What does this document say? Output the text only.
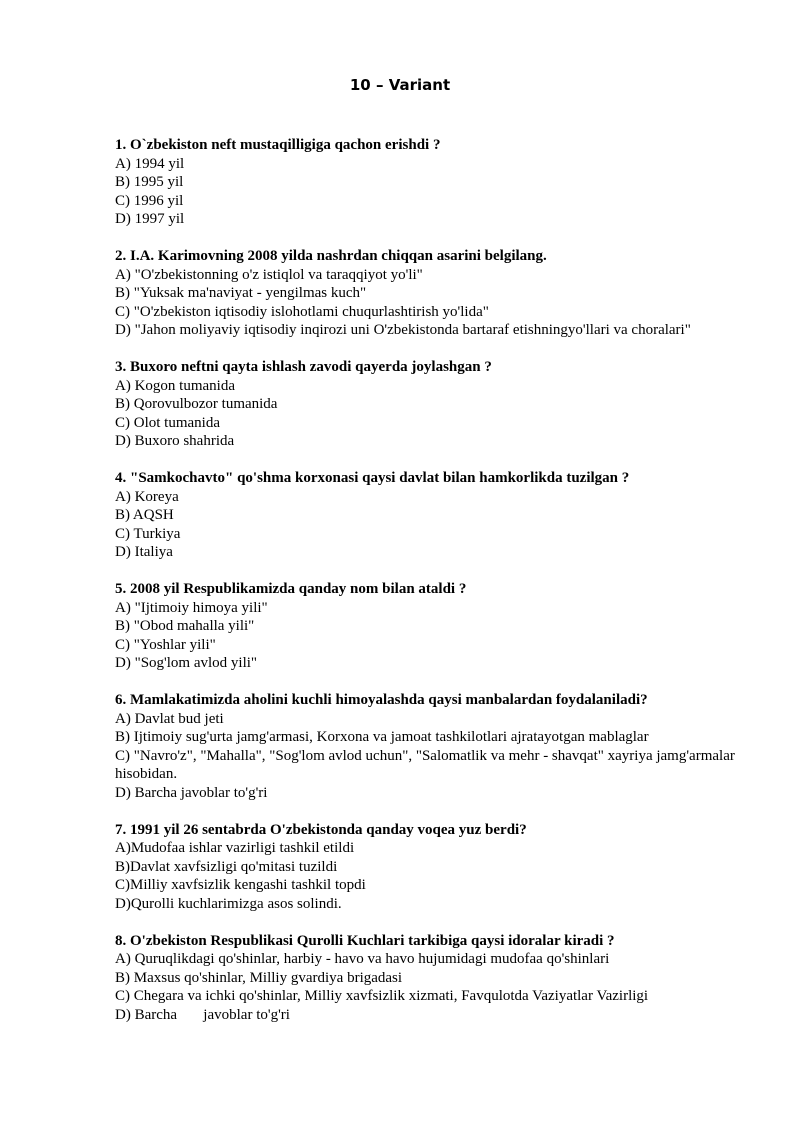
10 – Variant
1. O`zbekiston neft mustaqilligiga qachon erishdi ?
A) 1994 yil
B) 1995 yil
C) 1996 yil
D) 1997 yil
2. I.A. Karimovning 2008 yilda nashrdan chiqqan asarini belgilang.
A) "O'zbekistonning o'z istiqlol va taraqqiyot yo'li"
B) "Yuksak ma'naviyat - yengilmas kuch"
C) "O'zbekiston iqtisodiy islohotlami chuqurlashtirish yo'lida"
D) "Jahon moliyaviy iqtisodiy inqirozi uni O'zbekistonda bartaraf etishningyo'llari va choralari"
3. Buxoro neftni qayta ishlash zavodi qayerda joylashgan ?
A) Kogon tumanida
B) Qorovulbozor tumanida
C) Olot tumanida
D) Buxoro shahrida
4. "Samkochavto" qo'shma korxonasi qaysi davlat bilan hamkorlikda tuzilgan ?
A) Koreya
B) AQSH
C) Turkiya
D) Italiya
5. 2008 yil Respublikamizda qanday nom bilan ataldi ?
A) "Ijtimoiy himoya yili"
B) "Obod mahalla yili"
C) "Yoshlar yili"
D) "Sog'lom avlod yili"
6. Mamlakatimizda aholini kuchli himoyalashda qaysi manbalardan foydalaniladi?
A) Davlat bud jeti
B) Ijtimoiy sug'urta jamg'armasi, Korxona va jamoat tashkilotlari ajratayotgan mablaglar
C) "Navro'z", "Mahalla", "Sog'lom avlod uchun", "Salomatlik va mehr - shavqat" xayriya jamg'armalar hisobidan.
D) Barcha javoblar to'g'ri
7. 1991 yil 26 sentabrda O'zbekistonda qanday voqea yuz berdi?
A)Mudofaa ishlar vazirligi tashkil etildi
B)Davlat xavfsizligi qo'mitasi tuzildi
C)Milliy xavfsizlik kengashi tashkil topdi
D)Qurolli kuchlarimizga asos solindi.
8. O'zbekiston Respublikasi Qurolli Kuchlari tarkibiga qaysi idoralar kiradi ?
A) Quruqlikdagi qo'shinlar, harbiy - havo va havo hujumidagi mudofaa qo'shinlari
B) Maxsus qo'shinlar, Milliy gvardiya brigadasi
C) Chegara va ichki qo'shinlar, Milliy xavfsizlik xizmati, Favqulotda Vaziyatlar Vazirligi
D) Barcha       javoblar to'g'ri
